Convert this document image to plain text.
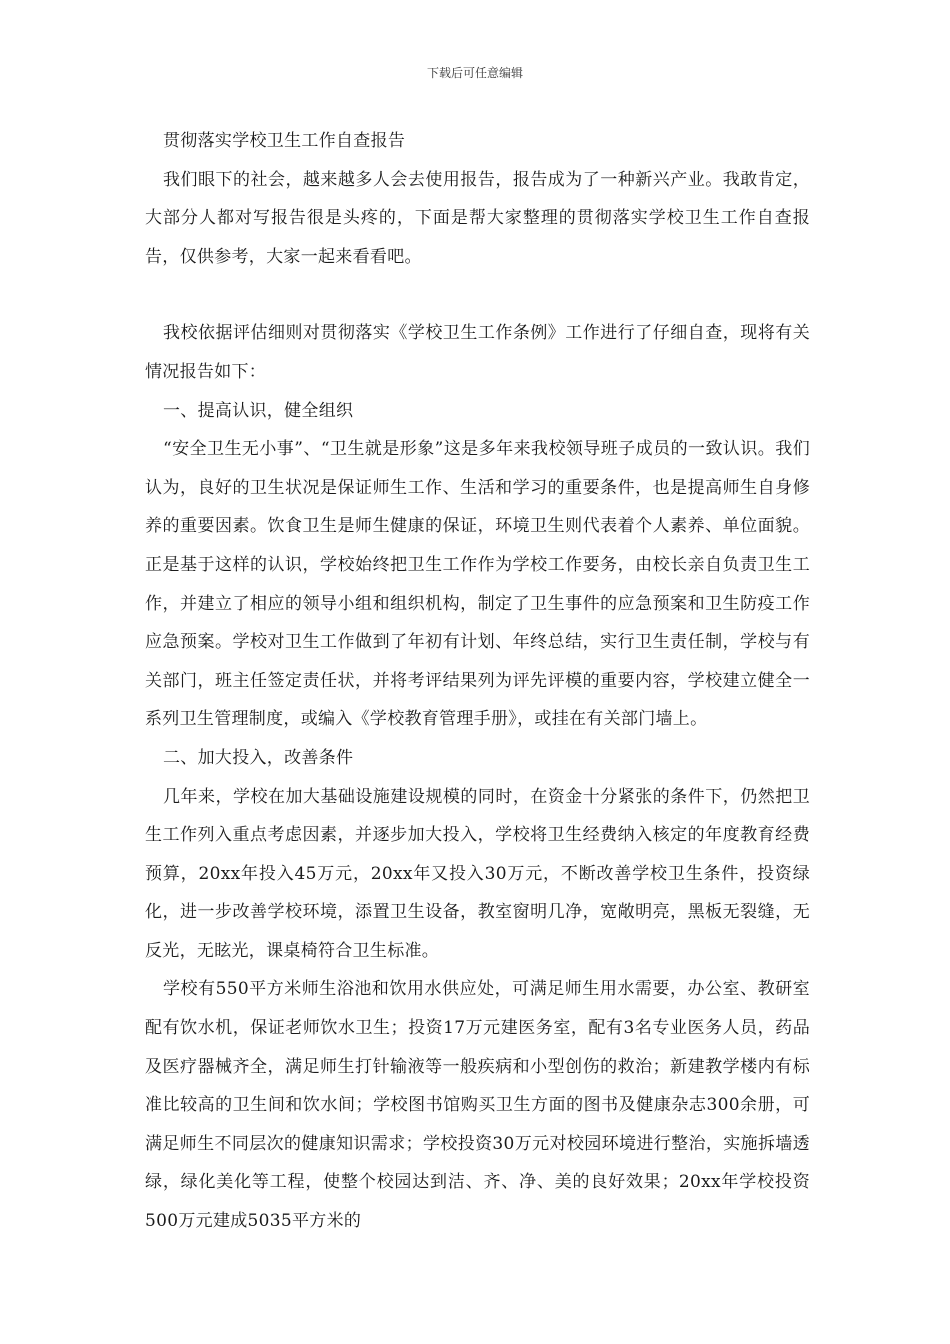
下载后可任意编辑

贯彻落实学校卫生工作自查报告

我们眼下的社会，越来越多人会去使用报告，报告成为了一种新兴产业。我敢肯定，大部分人都对写报告很是头疼的，下面是帮大家整理的贯彻落实学校卫生工作自查报告，仅供参考，大家一起来看看吧。

我校依据评估细则对贯彻落实《学校卫生工作条例》工作进行了仔细自查，现将有关情况报告如下：

一、提高认识，健全组织

“安全卫生无小事”、“卫生就是形象”这是多年来我校领导班子成员的一致认识。我们认为，良好的卫生状况是保证师生工作、生活和学习的重要条件，也是提高师生自身修养的重要因素。饮食卫生是师生健康的保证，环境卫生则代表着个人素养、单位面貌。正是基于这样的认识，学校始终把卫生工作作为学校工作要务，由校长亲自负责卫生工作，并建立了相应的领导小组和组织机构，制定了卫生事件的应急预案和卫生防疫工作应急预案。学校对卫生工作做到了年初有计划、年终总结，实行卫生责任制，学校与有关部门，班主任签定责任状，并将考评结果列为评先评模的重要内容，学校建立健全一系列卫生管理制度，或编入《学校教育管理手册》，或挂在有关部门墙上。

二、加大投入，改善条件

几年来，学校在加大基础设施建设规模的同时，在资金十分紧张的条件下，仍然把卫生工作列入重点考虑因素，并逐步加大投入，学校将卫生经费纳入核定的年度教育经费预算，20xx年投入45万元，20xx年又投入30万元，不断改善学校卫生条件，投资绿化，进一步改善学校环境，添置卫生设备，教室窗明几净，宽敞明亮，黑板无裂缝，无反光，无眩光，课桌椅符合卫生标准。

学校有550平方米师生浴池和饮用水供应处，可满足师生用水需要，办公室、教研室配有饮水机，保证老师饮水卫生；投资17万元建医务室，配有3名专业医务人员，药品及医疗器械齐全，满足师生打针输液等一般疾病和小型创伤的救治；新建教学楼内有标准比较高的卫生间和饮水间；学校图书馆购买卫生方面的图书及健康杂志300余册，可满足师生不同层次的健康知识需求；学校投资30万元对校园环境进行整治，实施拆墙透绿，绿化美化等工程，使整个校园达到洁、齐、净、美的良好效果；20xx年学校投资500万元建成5035平方米的
